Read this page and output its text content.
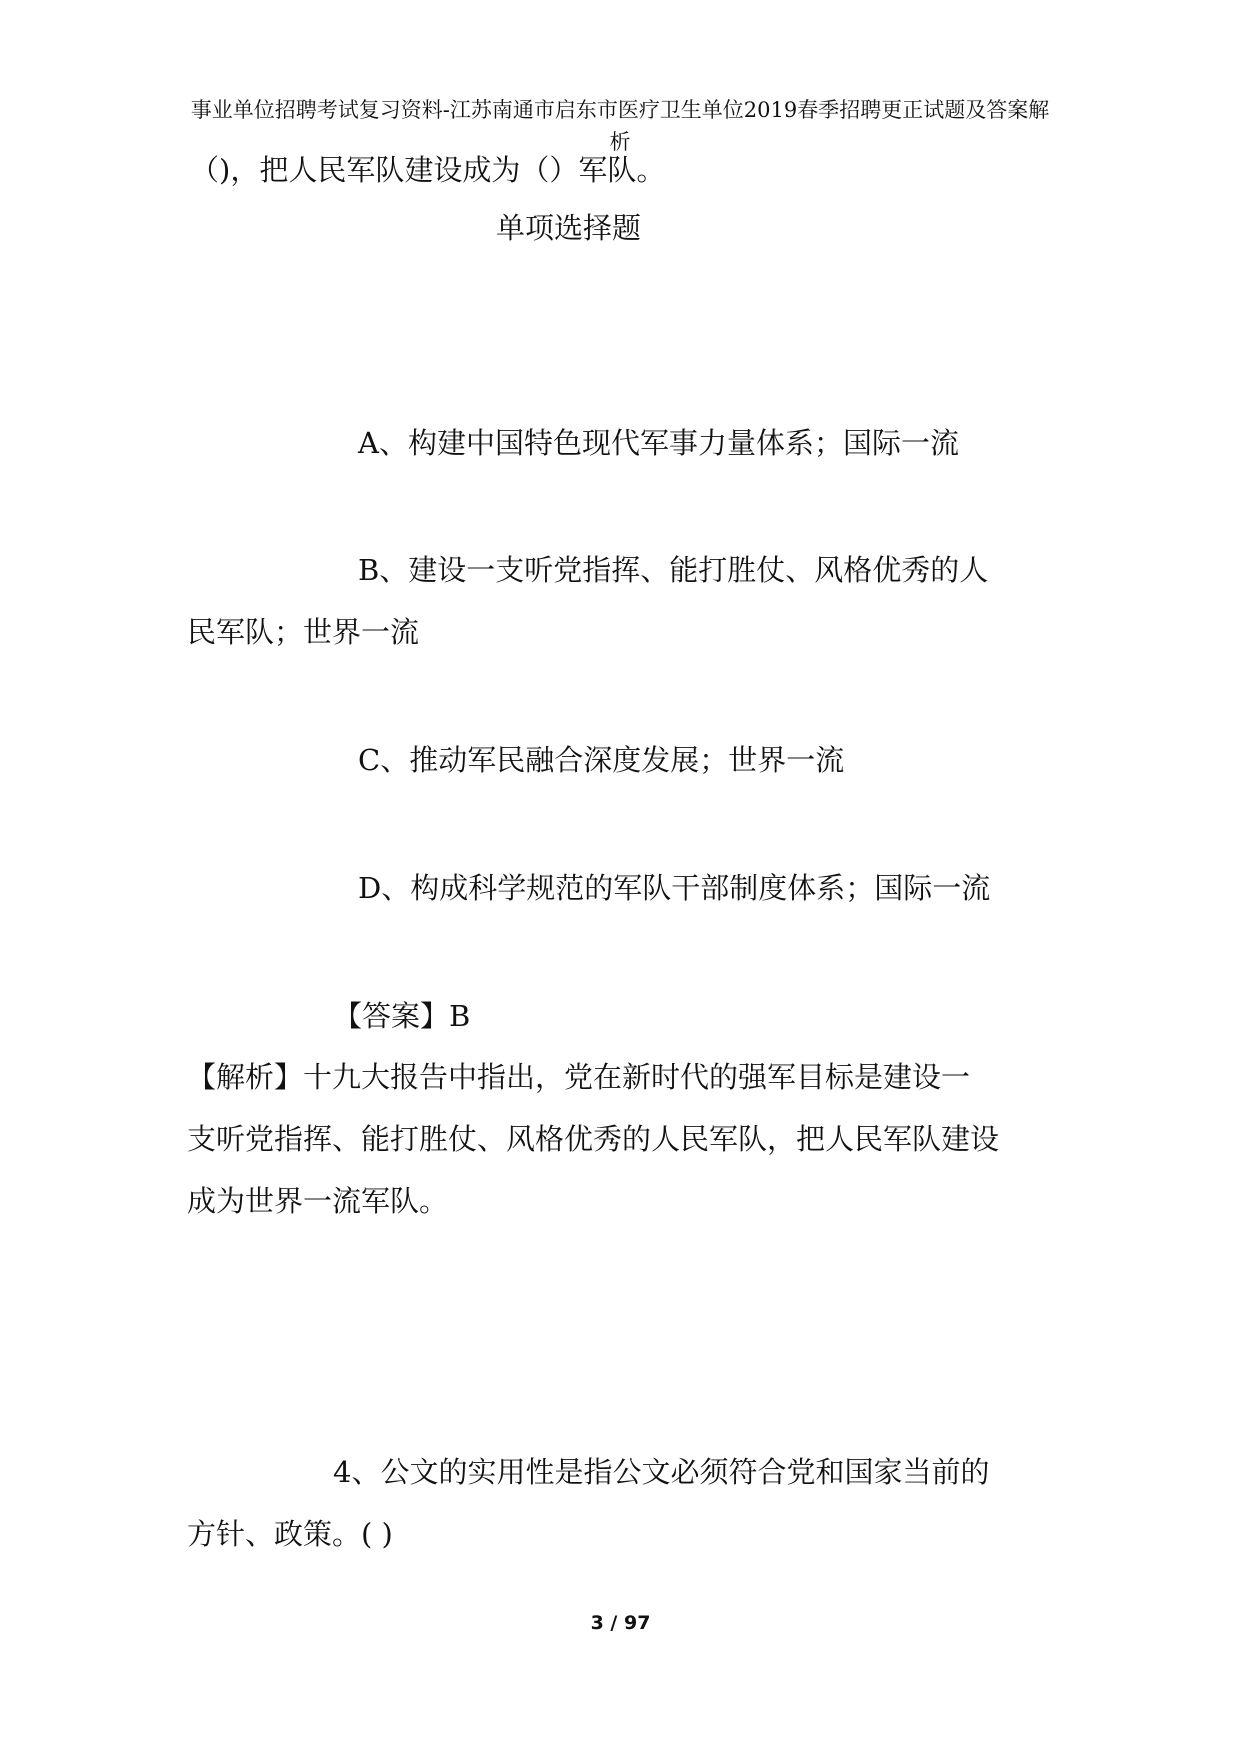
事业单位招聘考试复习资料-江苏南通市启东市医疗卫生单位2019春季招聘更正试题及答案解
析
（)，把人民军队建设成为（）军队。
单项选择题
A、构建中国特色现代军事力量体系；国际一流
B、建设一支听党指挥、能打胜仗、风格优秀的人
民军队；世界一流
C、推动军民融合深度发展；世界一流
D、构成科学规范的军队干部制度体系；国际一流
【答案】B
【解析】十九大报告中指出，党在新时代的强军目标是建设一
支听党指挥、能打胜仗、风格优秀的人民军队，把人民军队建设
成为世界一流军队。
4、公文的实用性是指公文必须符合党和国家当前的
方针、政策。( )
3 / 97
